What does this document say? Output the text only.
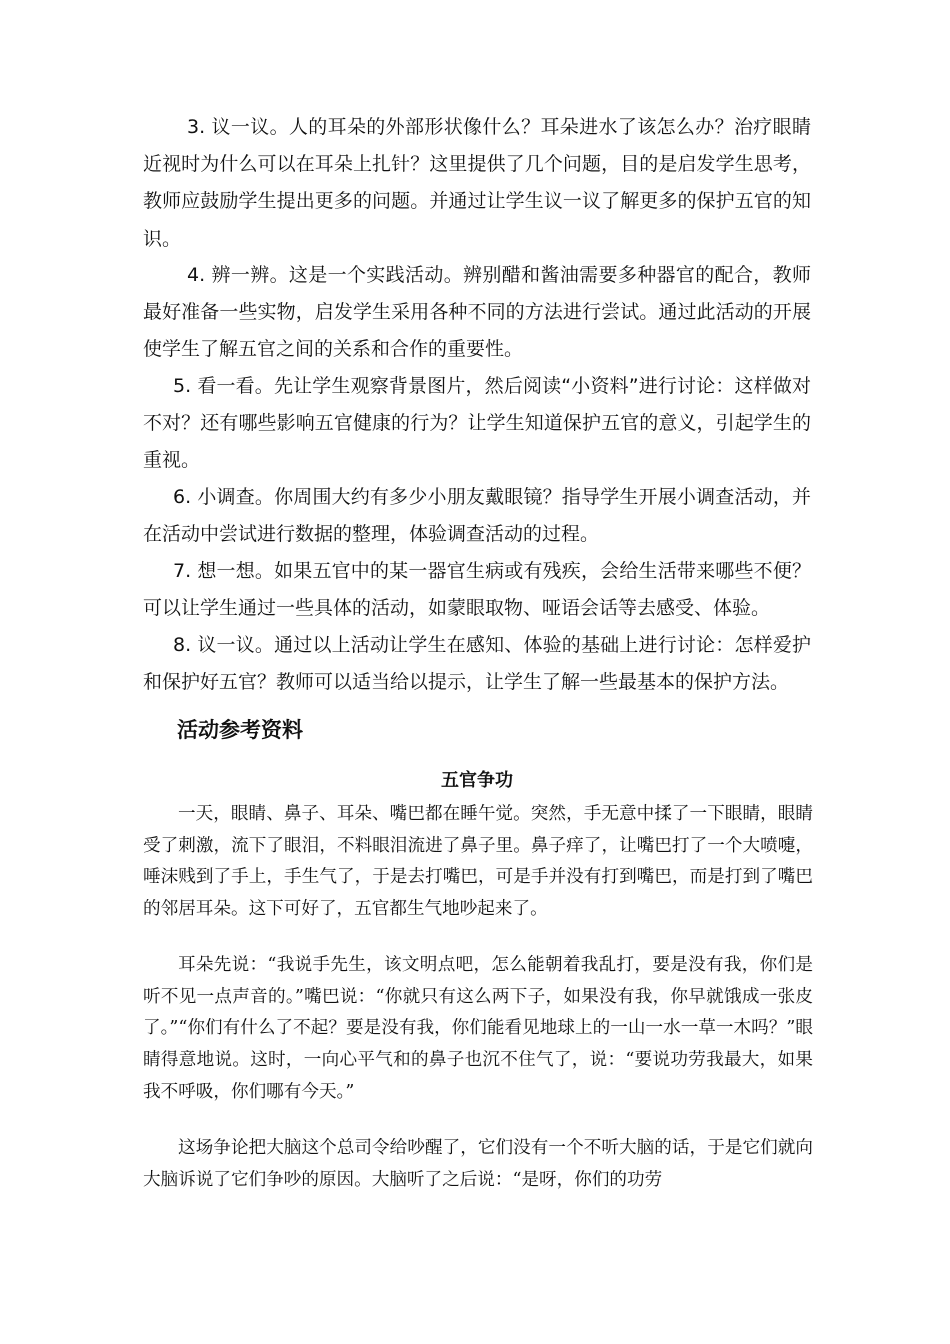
3. 议一议。人的耳朵的外部形状像什么？耳朵进水了该怎么办？治疗眼睛近视时为什么可以在耳朵上扎针？这里提供了几个问题，目的是启发学生思考，教师应鼓励学生提出更多的问题。并通过让学生议一议了解更多的保护五官的知识。

4. 辨一辨。这是一个实践活动。辨别醋和酱油需要多种器官的配合，教师最好准备一些实物，启发学生采用各种不同的方法进行尝试。通过此活动的开展使学生了解五官之间的关系和合作的重要性。

5. 看一看。先让学生观察背景图片，然后阅读“小资料”进行讨论：这样做对不对？还有哪些影响五官健康的行为？让学生知道保护五官的意义，引起学生的重视。

6. 小调查。你周围大约有多少小朋友戴眼镜？指导学生开展小调查活动，并在活动中尝试进行数据的整理，体验调查活动的过程。

7. 想一想。如果五官中的某一器官生病或有残疾，会给生活带来哪些不便？可以让学生通过一些具体的活动，如蒙眼取物、哑语会话等去感受、体验。

8. 议一议。通过以上活动让学生在感知、体验的基础上进行讨论：怎样爱护和保护好五官？教师可以适当给以提示，让学生了解一些最基本的保护方法。

活动参考资料
五官争功

一天，眼睛、鼻子、耳朵、嘴巴都在睡午觉。突然，手无意中揉了一下眼睛，眼睛受了刺激，流下了眼泪，不料眼泪流进了鼻子里。鼻子痒了，让嘴巴打了一个大喷嚏，唾沫贱到了手上，手生气了，于是去打嘴巴，可是手并没有打到嘴巴，而是打到了嘴巴的邻居耳朵。这下可好了，五官都生气地吵起来了。

耳朵先说：“我说手先生，该文明点吧，怎么能朝着我乱打，要是没有我，你们是听不见一点声音的。”嘴巴说：“你就只有这么两下子，如果没有我，你早就饿成一张皮了。”“你们有什么了不起？要是没有我，你们能看见地球上的一山一水一草一木吗？”眼睛得意地说。这时，一向心平气和的鼻子也沉不住气了，说：“要说功劳我最大，如果我不呼吸，你们哪有今天。”

这场争论把大脑这个总司令给吵醒了，它们没有一个不听大脑的话，于是它们就向大脑诉说了它们争吵的原因。大脑听了之后说：“是呀，你们的功劳
